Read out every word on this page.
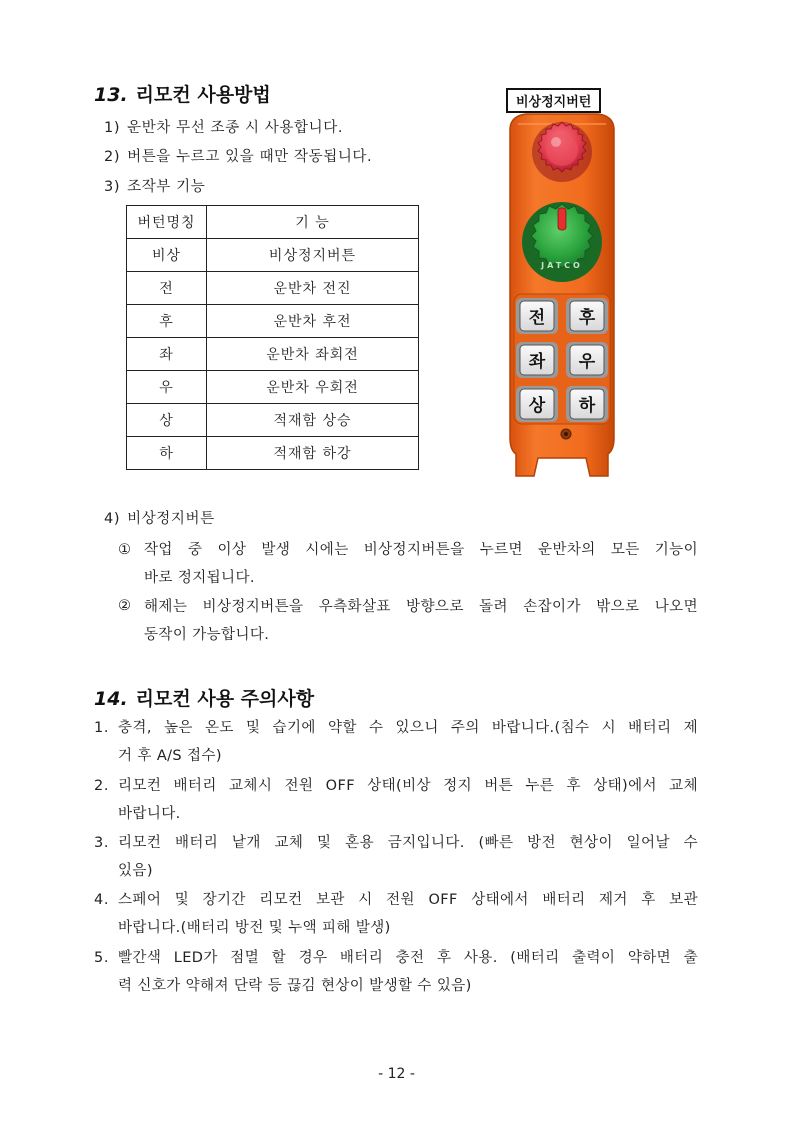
13. 리모컨 사용방법
1) 운반차 무선 조종 시 사용합니다.
2) 버튼을 누르고 있을 때만 작동됩니다.
3) 조작부 기능
버턴명칭	기 능
비상	비상정지버튼
전	운반차 전진
후	운반차 후전
좌	운반차 좌회전
우	운반차 우회전
상	적재함 상승
하	적재함 하강
비상정지버턴
JATCO
전 후
좌 우
상 하
4) 비상정지버튼
① 작업 중 이상 발생 시에는 비상정지버튼을 누르면 운반차의 모든 기능이
바로 정지됩니다.
② 해제는 비상정지버튼을 우측화살표 방향으로 돌려 손잡이가 밖으로 나오면
동작이 가능합니다.
14. 리모컨 사용 주의사항
1. 충격, 높은 온도 및 습기에 약할 수 있으니 주의 바랍니다.(침수 시 배터리 제
거 후 A/S 접수)
2. 리모컨 배터리 교체시 전원 OFF 상태(비상 정지 버튼 누른 후 상태)에서 교체
바랍니다.
3. 리모컨 배터리 낱개 교체 및 혼용 금지입니다. (빠른 방전 현상이 일어날 수
있음)
4. 스페어 및 장기간 리모컨 보관 시 전원 OFF 상태에서 배터리 제거 후 보관
바랍니다.(배터리 방전 및 누액 피해 발생)
5. 빨간색 LED가 점멸 할 경우 배터리 충전 후 사용. (배터리 출력이 약하면 출
력 신호가 약해져 단락 등 끊김 현상이 발생할 수 있음)
- 12 -
